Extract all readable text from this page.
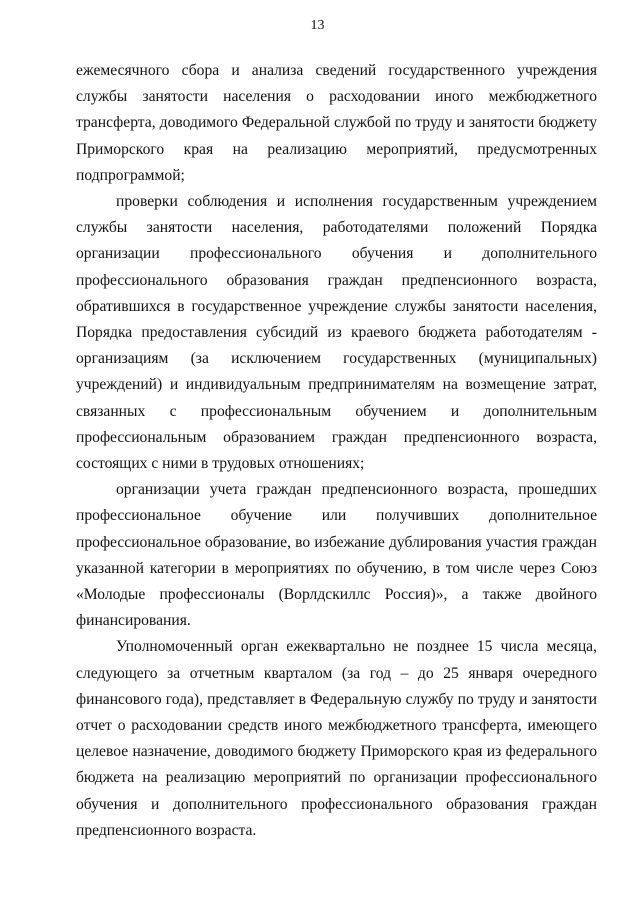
13

ежемесячного сбора и анализа сведений государственного учреждения службы занятости населения о расходовании иного межбюджетного трансферта, доводимого Федеральной службой по труду и занятости бюджету Приморского края на реализацию мероприятий, предусмотренных подпрограммой;

проверки соблюдения и исполнения государственным учреждением службы занятости населения, работодателями положений Порядка организации профессионального обучения и дополнительного профессионального образования граждан предпенсионного возраста, обратившихся в государственное учреждение службы занятости населения, Порядка предоставления субсидий из краевого бюджета работодателям - организациям (за исключением государственных (муниципальных) учреждений) и индивидуальным предпринимателям на возмещение затрат, связанных с профессиональным обучением и дополнительным профессиональным образованием граждан предпенсионного возраста, состоящих с ними в трудовых отношениях;

организации учета граждан предпенсионного возраста, прошедших профессиональное обучение или получивших дополнительное профессиональное образование, во избежание дублирования участия граждан указанной категории в мероприятиях по обучению, в том числе через Союз «Молодые профессионалы (Ворлдскиллс Россия)», а также двойного финансирования.

Уполномоченный орган ежеквартально не позднее 15 числа месяца, следующего за отчетным кварталом (за год – до 25 января очередного финансового года), представляет в Федеральную службу по труду и занятости отчет о расходовании средств иного межбюджетного трансферта, имеющего целевое назначение, доводимого бюджету Приморского края из федерального бюджета на реализацию мероприятий по организации профессионального обучения и дополнительного профессионального образования граждан предпенсионного возраста.
